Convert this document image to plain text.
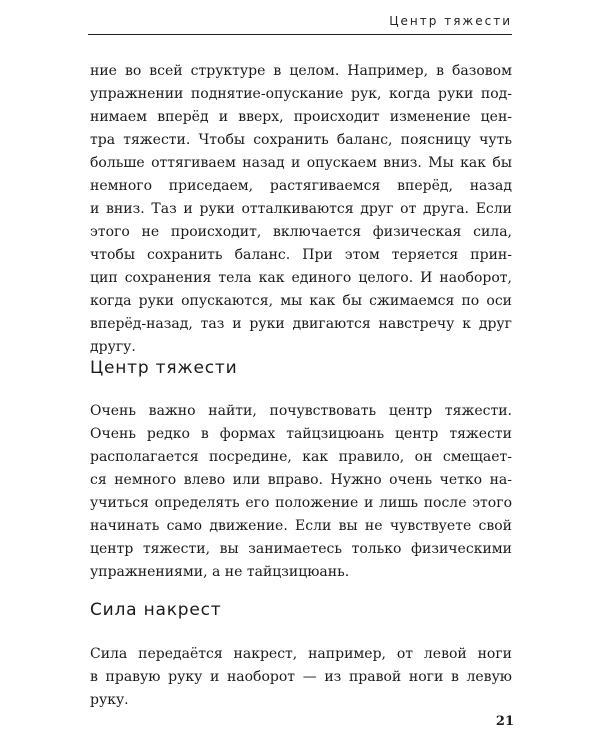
Центр тяжести
ние во всей структуре в целом. Например, в базовом
упражнении поднятие-опускание рук, когда руки под-
нимаем вперёд и вверх, происходит изменение цен-
тра тяжести. Чтобы сохранить баланс, поясницу чуть
больше оттягиваем назад и опускаем вниз. Мы как бы
немного приседаем, растягиваемся вперёд, назад
и вниз. Таз и руки отталкиваются друг от друга. Если
этого не происходит, включается физическая сила,
чтобы сохранить баланс. При этом теряется прин-
цип сохранения тела как единого целого. И наоборот,
когда руки опускаются, мы как бы сжимаемся по оси
вперёд-назад, таз и руки двигаются навстречу к друг
другу.
Центр тяжести
Очень важно найти, почувствовать центр тяжести.
Очень редко в формах тайцзицюань центр тяжести
располагается посредине, как правило, он смещает-
ся немного влево или вправо. Нужно очень четко на-
учиться определять его положение и лишь после этого
начинать само движение. Если вы не чувствуете свой
центр тяжести, вы занимаетесь только физическими
упражнениями, а не тайцзицюань.
Сила накрест
Сила передаётся накрест, например, от левой ноги
в правую руку и наоборот — из правой ноги в левую
руку.
21
